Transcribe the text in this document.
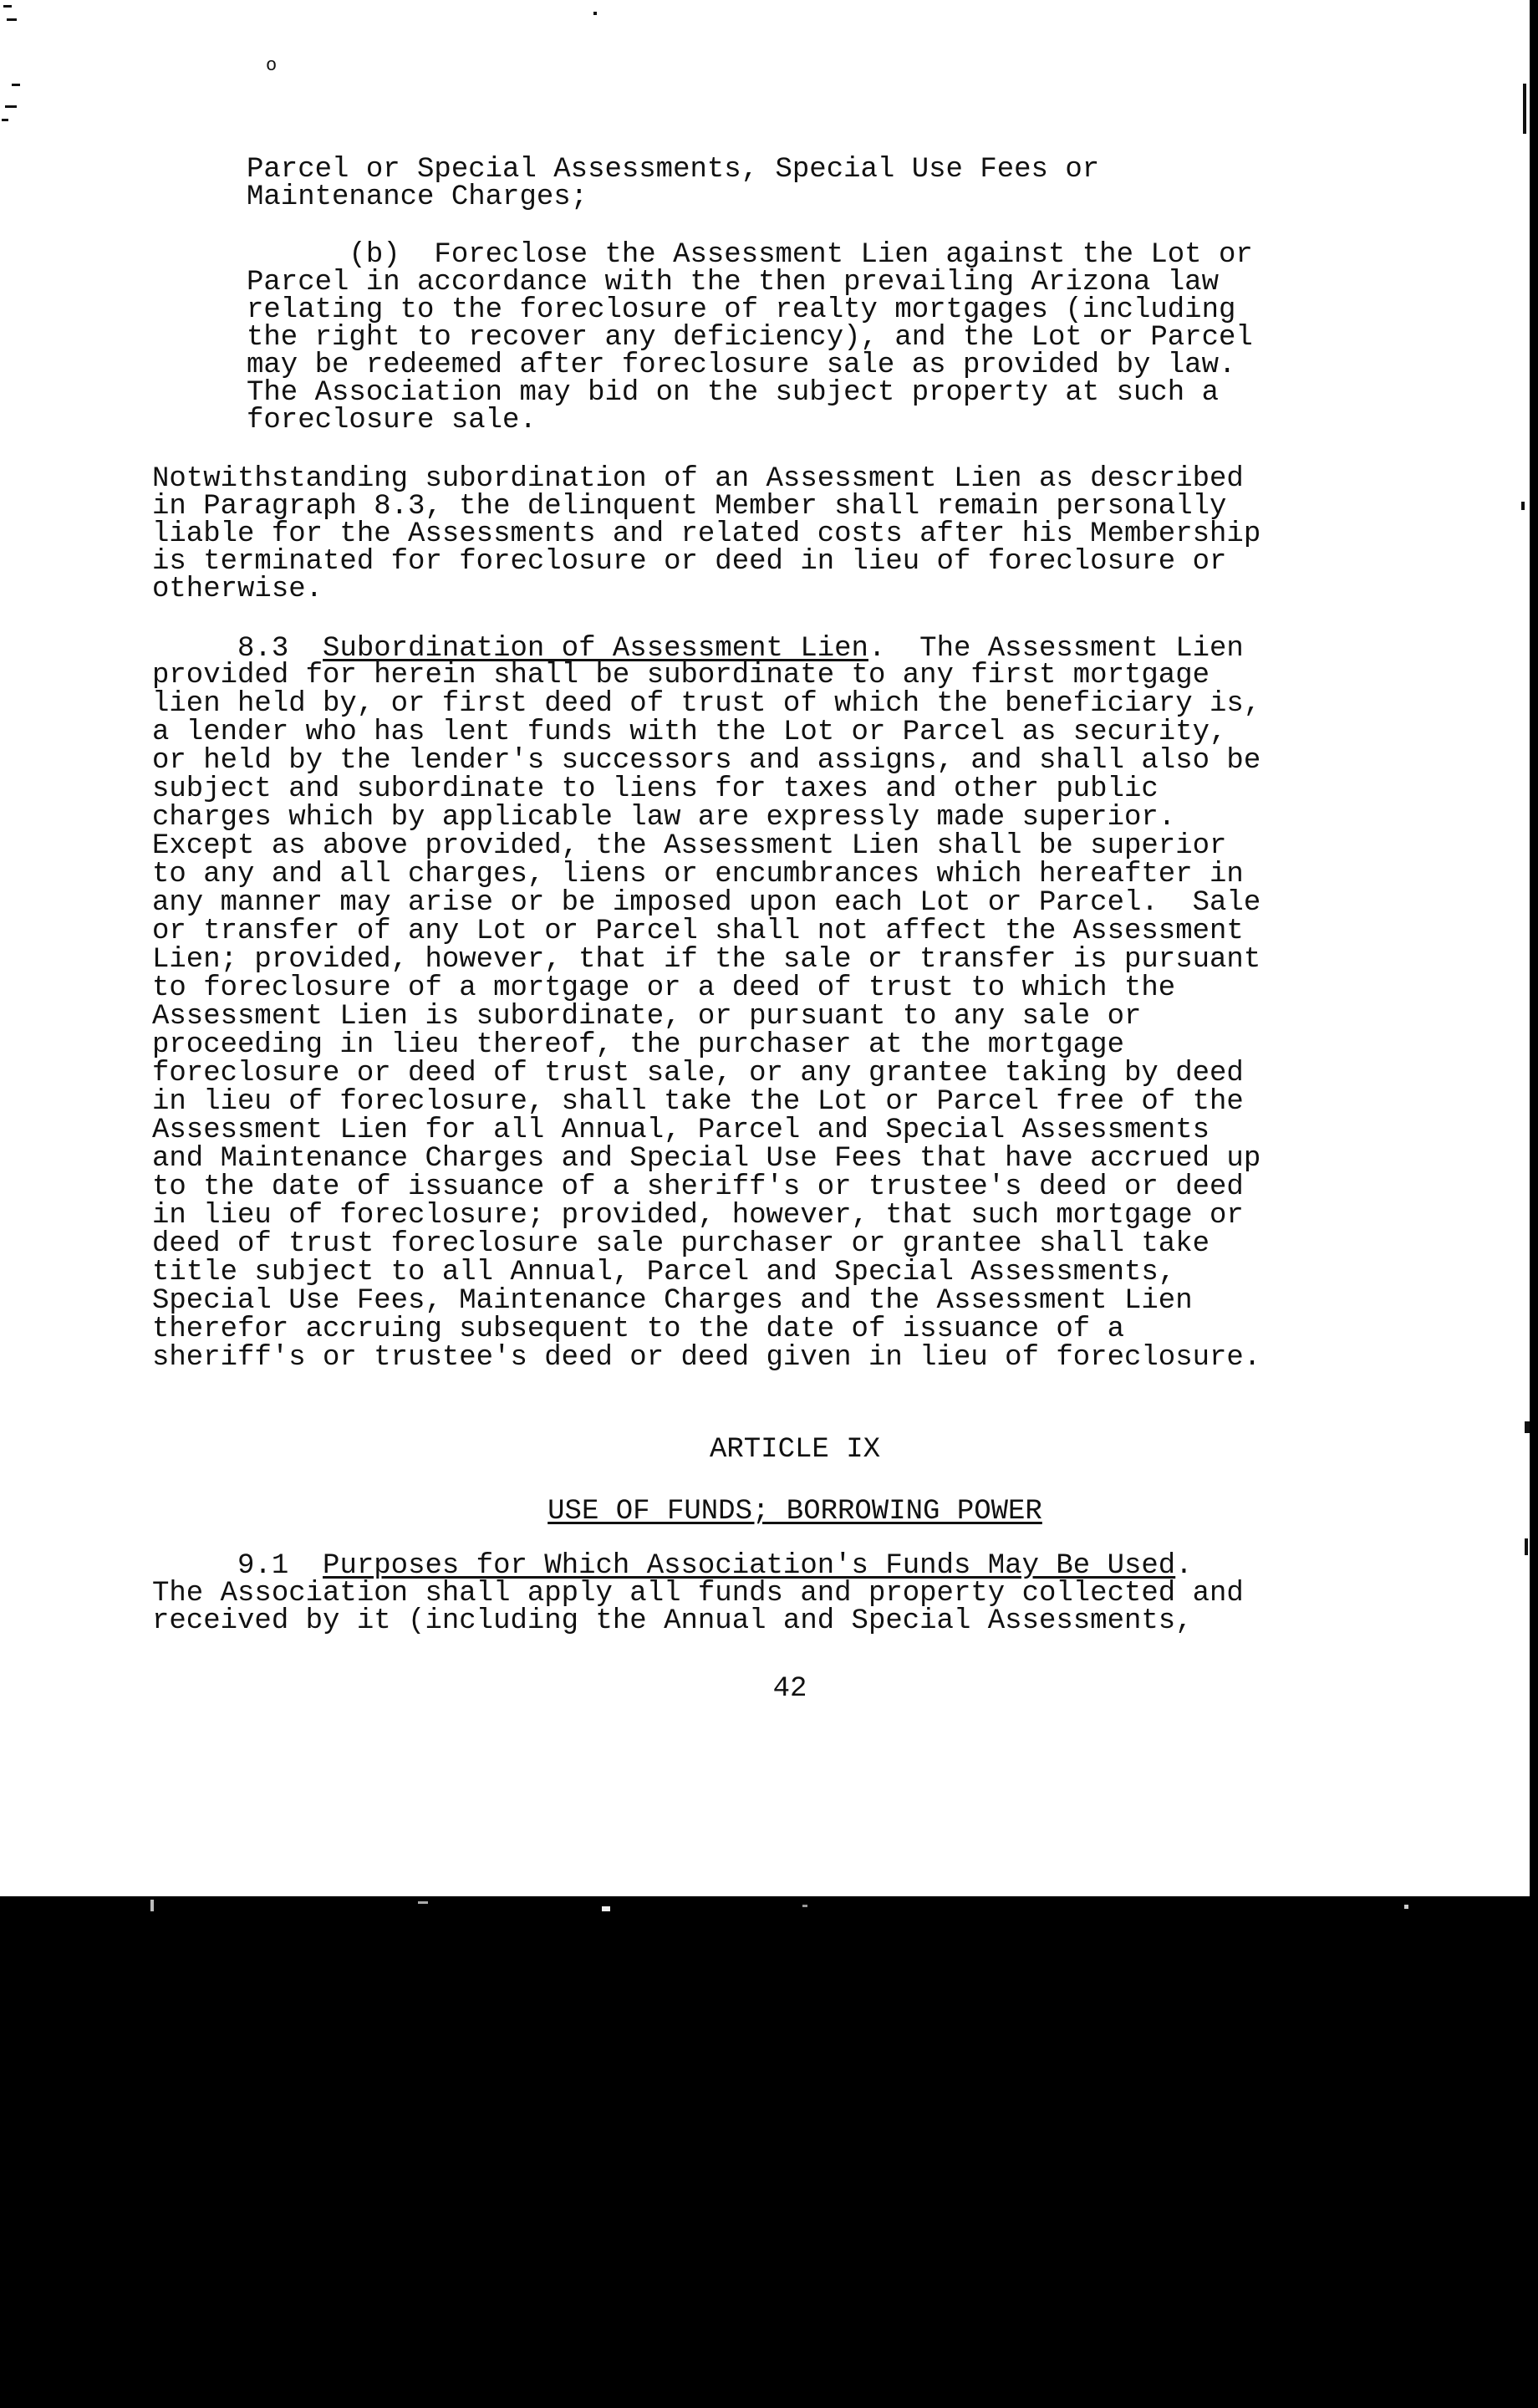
o
Parcel or Special Assessments, Special Use Fees or
Maintenance Charges;
(b)  Foreclose the Assessment Lien against the Lot or
Parcel in accordance with the then prevailing Arizona law
relating to the foreclosure of realty mortgages (including
the right to recover any deficiency), and the Lot or Parcel
may be redeemed after foreclosure sale as provided by law.
The Association may bid on the subject property at such a
foreclosure sale.
Notwithstanding subordination of an Assessment Lien as described
in Paragraph 8.3, the delinquent Member shall remain personally
liable for the Assessments and related costs after his Membership
is terminated for foreclosure or deed in lieu of foreclosure or
otherwise.
8.3  Subordination of Assessment Lien.  The Assessment Lien
provided for herein shall be subordinate to any first mortgage
lien held by, or first deed of trust of which the beneficiary is,
a lender who has lent funds with the Lot or Parcel as security,
or held by the lender's successors and assigns, and shall also be
subject and subordinate to liens for taxes and other public
charges which by applicable law are expressly made superior.
Except as above provided, the Assessment Lien shall be superior
to any and all charges, liens or encumbrances which hereafter in
any manner may arise or be imposed upon each Lot or Parcel.  Sale
or transfer of any Lot or Parcel shall not affect the Assessment
Lien; provided, however, that if the sale or transfer is pursuant
to foreclosure of a mortgage or a deed of trust to which the
Assessment Lien is subordinate, or pursuant to any sale or
proceeding in lieu thereof, the purchaser at the mortgage
foreclosure or deed of trust sale, or any grantee taking by deed
in lieu of foreclosure, shall take the Lot or Parcel free of the
Assessment Lien for all Annual, Parcel and Special Assessments
and Maintenance Charges and Special Use Fees that have accrued up
to the date of issuance of a sheriff's or trustee's deed or deed
in lieu of foreclosure; provided, however, that such mortgage or
deed of trust foreclosure sale purchaser or grantee shall take
title subject to all Annual, Parcel and Special Assessments,
Special Use Fees, Maintenance Charges and the Assessment Lien
therefor accruing subsequent to the date of issuance of a
sheriff's or trustee's deed or deed given in lieu of foreclosure.
ARTICLE IX
USE OF FUNDS; BORROWING POWER
9.1  Purposes for Which Association's Funds May Be Used.
The Association shall apply all funds and property collected and
received by it (including the Annual and Special Assessments,
42
